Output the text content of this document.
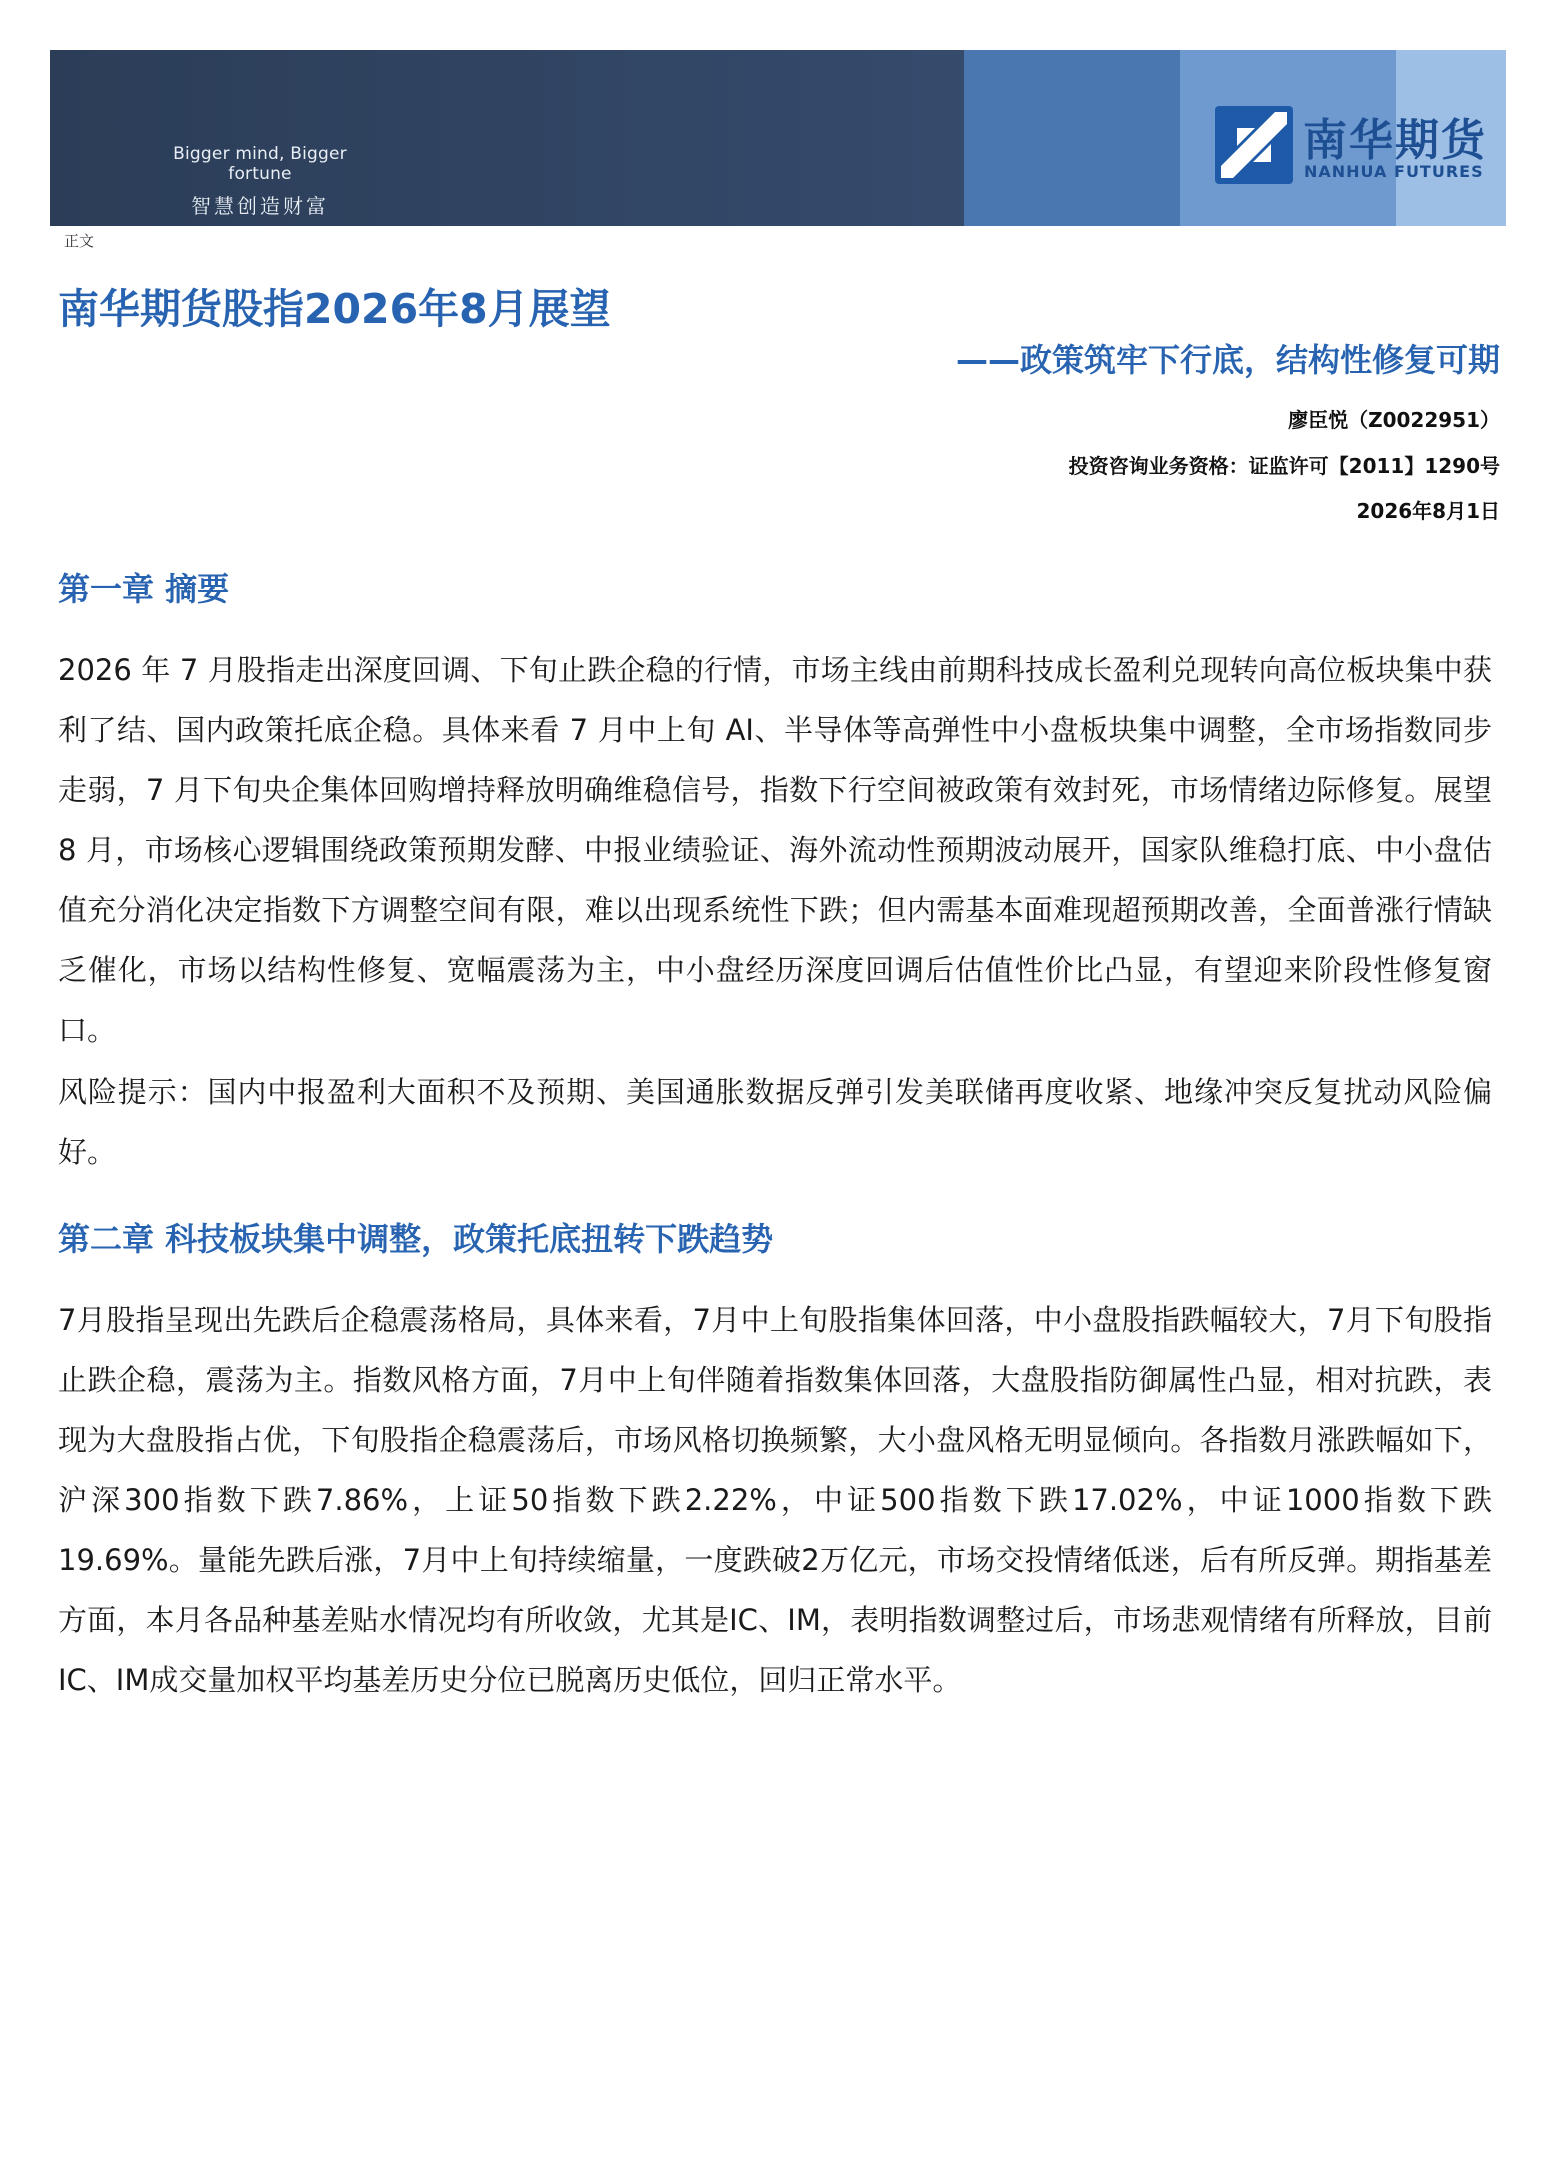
Bigger mind, Bigger fortune
智慧创造财富
南华期货
NANHUA FUTURES
正文
南华期货股指2026年8月展望
——政策筑牢下行底，结构性修复可期
廖臣悦（Z0022951）
投资咨询业务资格：证监许可【2011】1290号
2026年8月1日
第一章 摘要

2026 年 7 月股指走出深度回调、下旬止跌企稳的行情，市场主线由前期科技成长盈利兑现转向高位板块集中获利了结、国内政策托底企稳。具体来看 7 月中上旬 AI、半导体等高弹性中小盘板块集中调整，全市场指数同步走弱，7 月下旬央企集体回购增持释放明确维稳信号，指数下行空间被政策有效封死，市场情绪边际修复。展望 8 月，市场核心逻辑围绕政策预期发酵、中报业绩验证、海外流动性预期波动展开，国家队维稳打底、中小盘估值充分消化决定指数下方调整空间有限，难以出现系统性下跌；但内需基本面难现超预期改善，全面普涨行情缺乏催化，市场以结构性修复、宽幅震荡为主，中小盘经历深度回调后估值性价比凸显，有望迎来阶段性修复窗口。

风险提示：国内中报盈利大面积不及预期、美国通胀数据反弹引发美联储再度收紧、地缘冲突反复扰动风险偏好。

第二章 科技板块集中调整，政策托底扭转下跌趋势

7月股指呈现出先跌后企稳震荡格局，具体来看，7月中上旬股指集体回落，中小盘股指跌幅较大，7月下旬股指止跌企稳，震荡为主。指数风格方面，7月中上旬伴随着指数集体回落，大盘股指防御属性凸显，相对抗跌，表现为大盘股指占优，下旬股指企稳震荡后，市场风格切换频繁，大小盘风格无明显倾向。各指数月涨跌幅如下，沪深300指数下跌7.86%，上证50指数下跌2.22%，中证500指数下跌17.02%，中证1000指数下跌19.69%。量能先跌后涨，7月中上旬持续缩量，一度跌破2万亿元，市场交投情绪低迷，后有所反弹。期指基差方面，本月各品种基差贴水情况均有所收敛，尤其是IC、IM，表明指数调整过后，市场悲观情绪有所释放，目前IC、IM成交量加权平均基差历史分位已脱离历史低位，回归正常水平。
